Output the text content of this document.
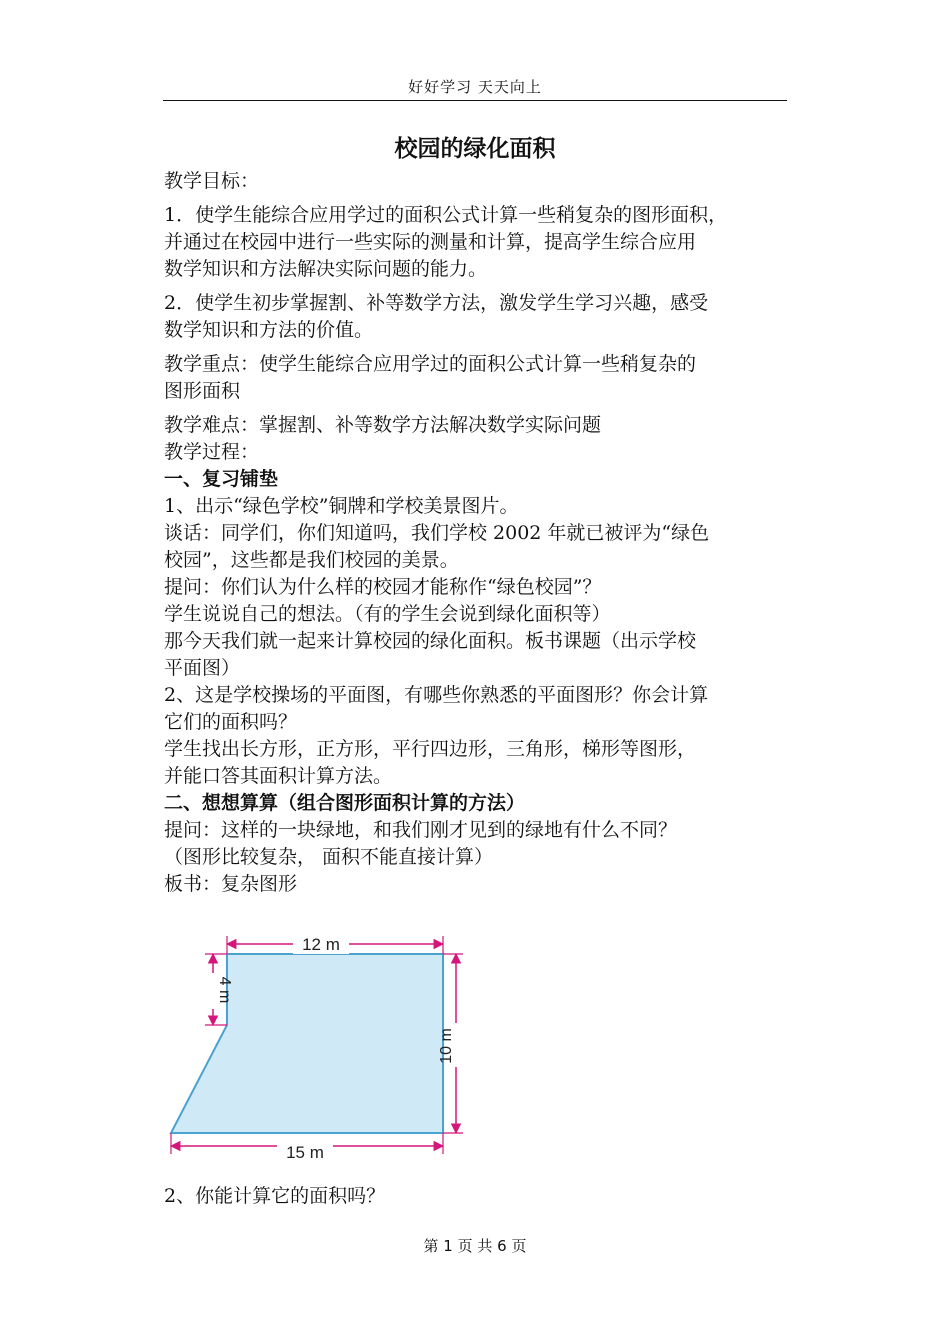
好好学习 天天向上
校园的绿化面积

教学目标：

1．使学生能综合应用学过的面积公式计算一些稍复杂的图形面积，

并通过在校园中进行一些实际的测量和计算，提高学生综合应用

数学知识和方法解决实际问题的能力。

2．使学生初步掌握割、补等数学方法，激发学生学习兴趣，感受

数学知识和方法的价值。

教学重点：使学生能综合应用学过的面积公式计算一些稍复杂的

图形面积

教学难点：掌握割、补等数学方法解决数学实际问题

教学过程：

一、复习铺垫

1、出示“绿色学校”铜牌和学校美景图片。

谈话：同学们，你们知道吗，我们学校 2002 年就已被评为“绿色

校园”，这些都是我们校园的美景。

提问：你们认为什么样的校园才能称作“绿色校园”？

学生说说自己的想法。（有的学生会说到绿化面积等）

那今天我们就一起来计算校园的绿化面积。板书课题（出示学校

平面图）

2、这是学校操场的平面图，有哪些你熟悉的平面图形？你会计算

它们的面积吗？

学生找出长方形，正方形，平行四边形，三角形，梯形等图形，

并能口答其面积计算方法。

二、想想算算（组合图形面积计算的方法）

提问：这样的一块绿地，和我们刚才见到的绿地有什么不同？

（图形比较复杂， 面积不能直接计算）

板书：复杂图形

12 m
4 m
10 m
15 m
2、你能计算它的面积吗？
第 1 页 共 6 页
